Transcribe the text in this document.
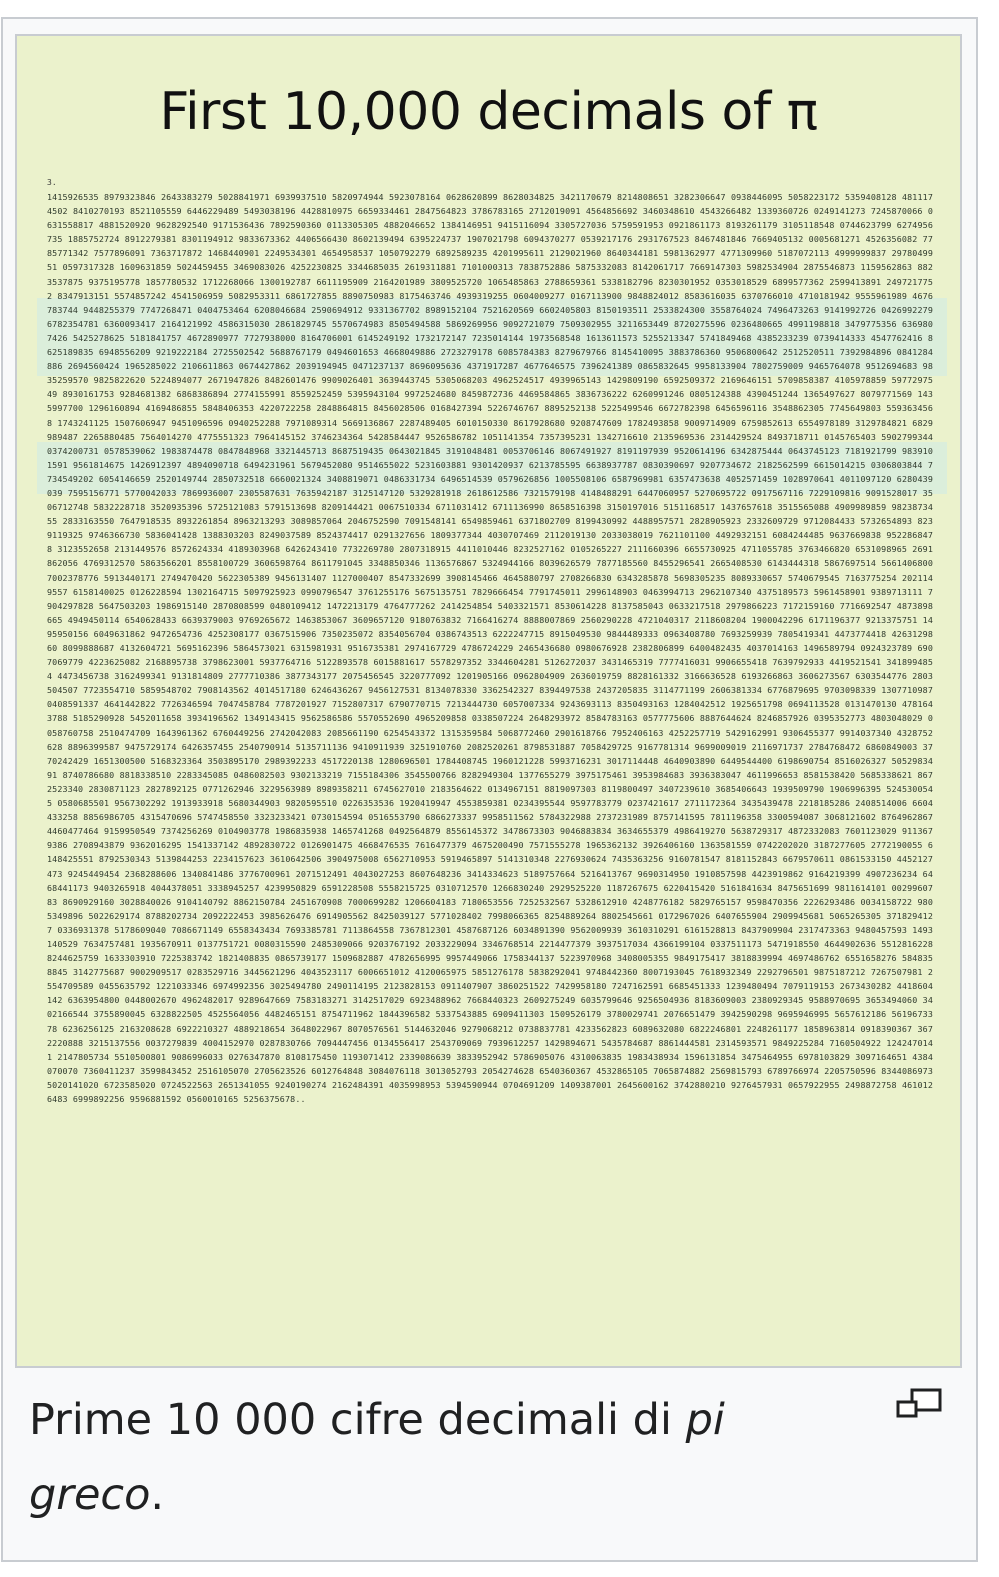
First 10,000 decimals of π

3.

1415926535 8979323846 2643383279 5028841971 6939937510 5820974944 5923078164 0628620899 8628034825 3421170679 8214808651 3282306647 0938446095 5058223172 5359408128 4811174502 8410270193 8521105559 6446229489 5493038196 4428810975 6659334461 2847564823 3786783165 2712019091 4564856692 3460348610 4543266482 1339360726 0249141273 7245870066 0631558817 4881520920 9628292540 9171536436 7892590360 0113305305 4882046652 1384146951 9415116094 3305727036 5759591953 0921861173 8193261179 3105118548 0744623799 6274956735 1885752724 8912279381 8301194912 9833673362 4406566430 8602139494 6395224737 1907021798 6094370277 0539217176 2931767523 8467481846 7669405132 0005681271 4526356082 7785771342 7577896091 7363717872 1468440901 2249534301 4654958537 1050792279 6892589235 4201995611 2129021960 8640344181 5981362977 4771309960 5187072113 4999999837 2978049951 0597317328 1609631859 5024459455 3469083026 4252230825 3344685035 2619311881 7101000313 7838752886 5875332083 8142061717 7669147303 5982534904 2875546873 1159562863 8823537875 9375195778 1857780532 1712268066 1300192787 6611195909 2164201989 3809525720 1065485863 2788659361 5338182796 8230301952 0353018529 6899577362 2599413891 2497217752 8347913151 5574857242 4541506959 5082953311 6861727855 8890750983 8175463746 4939319255 0604009277 0167113900 9848824012 8583616035 6370766010 4710181942 9555961989 4676783744 9448255379 7747268471 0404753464 6208046684 2590694912 9331367702 8989152104 7521620569 6602405803 8150193511 2533824300 3558764024 7496473263 9141992726 0426992279 6782354781 6360093417 2164121992 4586315030 2861829745 5570674983 8505494588 5869269956 9092721079 7509302955 3211653449 8720275596 0236480665 4991198818 3479775356 6369807426 5425278625 5181841757 4672890977 7727938000 8164706001 6145249192 1732172147 7235014144 1973568548 1613611573 5255213347 5741849468 4385233239 0739414333 4547762416 8625189835 6948556209 9219222184 2725502542 5688767179 0494601653 4668049886 2723279178 6085784383 8279679766 8145410095 3883786360 9506800642 2512520511 7392984896 0841284886 2694560424 1965285022 2106611863 0674427862 2039194945 0471237137 8696095636 4371917287 4677646575 7396241389 0865832645 9958133904 7802759009 9465764078 9512694683 9835259570 9825822620 5224894077 2671947826 8482601476 9909026401 3639443745 5305068203 4962524517 4939965143 1429809190 6592509372 2169646151 5709858387 4105978859 5977297549 8930161753 9284681382 6868386894 2774155991 8559252459 5395943104 9972524680 8459872736 4469584865 3836736222 6260991246 0805124388 4390451244 1365497627 8079771569 1435997700 1296160894 4169486855 5848406353 4220722258 2848864815 8456028506 0168427394 5226746767 8895252138 5225499546 6672782398 6456596116 3548862305 7745649803 5593634568 1743241125 1507606947 9451096596 0940252288 7971089314 5669136867 2287489405 6010150330 8617928680 9208747609 1782493858 9009714909 6759852613 6554978189 3129784821 6829989487 2265880485 7564014270 4775551323 7964145152 3746234364 5428584447 9526586782 1051141354 7357395231 1342716610 2135969536 2314429524 8493718711 0145765403 5902799344 0374200731 0578539062 1983874478 0847848968 3321445713 8687519435 0643021845 3191048481 0053706146 8067491927 8191197939 9520614196 6342875444 0643745123 7181921799 9839101591 9561814675 1426912397 4894090718 6494231961 5679452080 9514655022 5231603881 9301420937 6213785595 6638937787 0830390697 9207734672 2182562599 6615014215 0306803844 7734549202 6054146659 2520149744 2850732518 6660021324 3408819071 0486331734 6496514539 0579626856 1005508106 6587969981 6357473638 4052571459 1028970641 4011097120 6280439039 7595156771 5770042033 7869936007 2305587631 7635942187 3125147120 5329281918 2618612586 7321579198 4148488291 6447060957 5270695722 0917567116 7229109816 9091528017 3506712748 5832228718 3520935396 5725121083 5791513698 8209144421 0067510334 6711031412 6711136990 8658516398 3150197016 5151168517 1437657618 3515565088 4909989859 9823873455 2833163550 7647918535 8932261854 8963213293 3089857064 2046752590 7091548141 6549859461 6371802709 8199430992 4488957571 2828905923 2332609729 9712084433 5732654893 8239119325 9746366730 5836041428 1388303203 8249037589 8524374417 0291327656 1809377344 4030707469 2112019130 2033038019 7621101100 4492932151 6084244485 9637669838 9522868478 3123552658 2131449576 8572624334 4189303968 6426243410 7732269780 2807318915 4411010446 8232527162 0105265227 2111660396 6655730925 4711055785 3763466820 6531098965 2691862056 4769312570 5863566201 8558100729 3606598764 8611791045 3348850346 1136576867 5324944166 8039626579 7877185560 8455296541 2665408530 6143444318 5867697514 5661406800 7002378776 5913440171 2749470420 5622305389 9456131407 1127000407 8547332699 3908145466 4645880797 2708266830 6343285878 5698305235 8089330657 5740679545 7163775254 2021149557 6158140025 0126228594 1302164715 5097925923 0990796547 3761255176 5675135751 7829666454 7791745011 2996148903 0463994713 2962107340 4375189573 5961458901 9389713111 7904297828 5647503203 1986915140 2870808599 0480109412 1472213179 4764777262 2414254854 5403321571 8530614228 8137585043 0633217518 2979866223 7172159160 7716692547 4873898665 4949450114 6540628433 6639379003 9769265672 1463853067 3609657120 9180763832 7166416274 8888007869 2560290228 4721040317 2118608204 1900042296 6171196377 9213375751 1495950156 6049631862 9472654736 4252308177 0367515906 7350235072 8354056704 0386743513 6222247715 8915049530 9844489333 0963408780 7693259939 7805419341 4473774418 4263129860 8099888687 4132604721 5695162396 5864573021 6315981931 9516735381 2974167729 4786724229 2465436680 0980676928 2382806899 6400482435 4037014163 1496589794 0924323789 6907069779 4223625082 2168895738 3798623001 5937764716 5122893578 6015881617 5578297352 3344604281 5126272037 3431465319 7777416031 9906655418 7639792933 4419521541 3418994854 4473456738 3162499341 9131814809 2777710386 3877343177 2075456545 3220777092 1201905166 0962804909 2636019759 8828161332 3166636528 6193266863 3606273567 6303544776 2803504507 7723554710 5859548702 7908143562 4014517180 6246436267 9456127531 8134078330 3362542327 8394497538 2437205835 3114771199 2606381334 6776879695 9703098339 1307710987 0408591337 4641442822 7726346594 7047458784 7787201927 7152807317 6790770715 7213444730 6057007334 9243693113 8350493163 1284042512 1925651798 0694113528 0131470130 4781643788 5185290928 5452011658 3934196562 1349143415 9562586586 5570552690 4965209858 0338507224 2648293972 8584783163 0577775606 8887644624 8246857926 0395352773 4803048029 0058760758 2510474709 1643961362 6760449256 2742042083 2085661190 6254543372 1315359584 5068772460 2901618766 7952406163 4252257719 5429162991 9306455377 9914037340 4328752628 8896399587 9475729174 6426357455 2540790914 5135711136 9410911939 3251910760 2082520261 8798531887 7058429725 9167781314 9699009019 2116971737 2784768472 6860849003 3770242429 1651300500 5168323364 3503895170 2989392233 4517220138 1280696501 1784408745 1960121228 5993716231 3017114448 4640903890 6449544400 6198690754 8516026327 5052983491 8740786680 8818338510 2283345085 0486082503 9302133219 7155184306 3545500766 8282949304 1377655279 3975175461 3953984683 3936383047 4611996653 8581538420 5685338621 8672523340 2830871123 2827892125 0771262946 3229563989 8989358211 6745627010 2183564622 0134967151 8819097303 8119800497 3407239610 3685406643 1939509790 1906996395 5245300545 0580685501 9567302292 1913933918 5680344903 9820595510 0226353536 1920419947 4553859381 0234395544 9597783779 0237421617 2711172364 3435439478 2218185286 2408514006 6604433258 8856986705 4315470696 5747458550 3323233421 0730154594 0516553790 6866273337 9958511562 5784322988 2737231989 8757141595 7811196358 3300594087 3068121602 8764962867 4460477464 9159950549 7374256269 0104903778 1986835938 1465741268 0492564879 8556145372 3478673303 9046883834 3634655379 4986419270 5638729317 4872332083 7601123029 9113679386 2708943879 9362016295 1541337142 4892830722 0126901475 4668476535 7616477379 4675200490 7571555278 1965362132 3926406160 1363581559 0742202020 3187277605 2772190055 6148425551 8792530343 5139844253 2234157623 3610642506 3904975008 6562710953 5919465897 5141310348 2276930624 7435363256 9160781547 8181152843 6679570611 0861533150 4452127473 9245449454 2368288606 1340841486 3776700961 2071512491 4043027253 8607648236 3414334623 5189757664 5216413767 9690314950 1910857598 4423919862 9164219399 4907236234 6468441173 9403265918 4044378051 3338945257 4239950829 6591228508 5558215725 0310712570 1266830240 2929525220 1187267675 6220415420 5161841634 8475651699 9811614101 0029960783 8690929160 3028840026 9104140792 8862150784 2451670908 7000699282 1206604183 7180653556 7252532567 5328612910 4248776182 5829765157 9598470356 2226293486 0034158722 9805349896 5022629174 8788202734 2092222453 3985626476 6914905562 8425039127 5771028402 7998066365 8254889264 8802545661 0172967026 6407655904 2909945681 5065265305 3718294127 0336931378 5178609040 7086671149 6558343434 7693385781 7113864558 7367812301 4587687126 6034891390 9562009939 3610310291 6161528813 8437909904 2317473363 9480457593 1493140529 7634757481 1935670911 0137751721 0080315590 2485309066 9203767192 2033229094 3346768514 2214477379 3937517034 4366199104 0337511173 5471918550 4644902636 5512816228 8244625759 1633303910 7225383742 1821408835 0865739177 1509682887 4782656995 9957449066 1758344137 5223970968 3408005355 9849175417 3818839994 4697486762 6551658276 5848358845 3142775687 9002909517 0283529716 3445621296 4043523117 6006651012 4120065975 5851276178 5838292041 9748442360 8007193045 7618932349 2292796501 9875187212 7267507981 2554709589 0455635792 1221033346 6974992356 3025494780 2490114195 2123828153 0911407907 3860251522 7429958180 7247162591 6685451333 1239480494 7079119153 2673430282 4418604142 6363954800 0448002670 4962482017 9289647669 7583183271 3142517029 6923488962 7668440323 2609275249 6035799646 9256504936 8183609003 2380929345 9588970695 3653494060 3402166544 3755890045 6328822505 4525564056 4482465151 8754711962 1844396582 5337543885 6909411303 1509526179 3780029741 2076651479 3942590298 9695946995 5657612186 5619673378 6236256125 2163208628 6922210327 4889218654 3648022967 8070576561 5144632046 9279068212 0738837781 4233562823 6089632080 6822246801 2248261177 1858963814 0918390367 3672220888 3215137556 0037279839 4004152970 0287830766 7094447456 0134556417 2543709069 7939612257 1429894671 5435784687 8861444581 2314593571 9849225284 7160504922 1242470141 2147805734 5510500801 9086996033 0276347870 8108175450 1193071412 2339086639 3833952942 5786905076 4310063835 1983438934 1596131854 3475464955 6978103829 3097164651 4384070070 7360411237 3599843452 2516105070 2705623526 6012764848 3084076118 3013052793 2054274628 6540360367 4532865105 7065874882 2569815793 6789766974 2205750596 8344086973 5020141020 6723585020 0724522563 2651341055 9240190274 2162484391 4035998953 5394590944 0704691209 1409387001 2645600162 3742880210 9276457931 0657922955 2498872758 4610126483 6999892256 9596881592 0560010165 5256375678..

Prime 10 000 cifre decimali di pi greco.
